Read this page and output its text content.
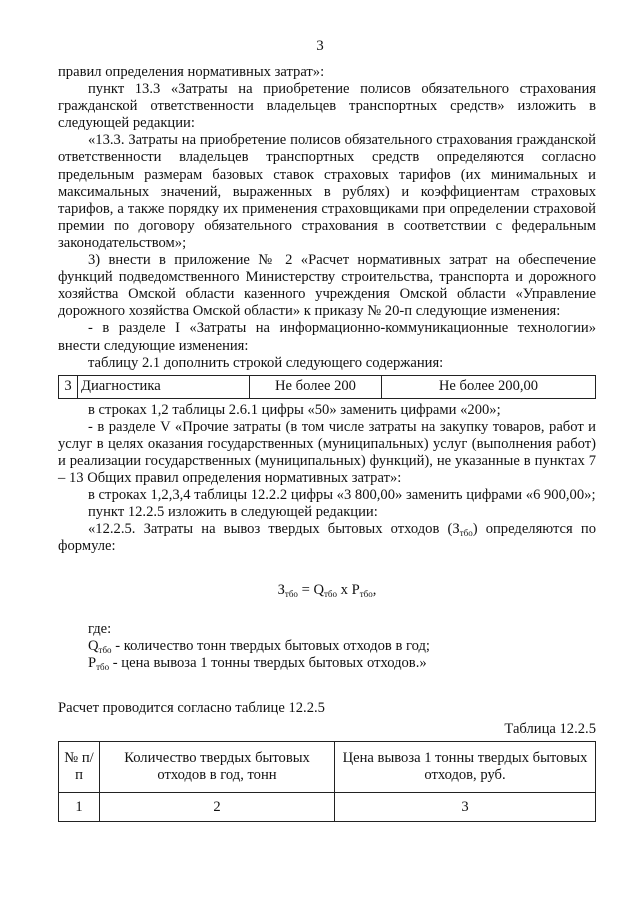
3

правил определения нормативных затрат»:

пункт 13.3 «Затраты на приобретение полисов обязательного страхования гражданской ответственности владельцев транспортных средств» изложить в следующей редакции:

«13.3. Затраты на приобретение полисов обязательного страхования гражданской ответственности владельцев транспортных средств определяются согласно предельным размерам базовых ставок страховых тарифов (их минимальных и максимальных значений, выраженных в рублях) и коэффициентам страховых тарифов, а также порядку их применения страховщиками при определении страховой премии по договору обязательного страхования в соответствии с федеральным законодательством»;

3) внести в приложение № 2 «Расчет нормативных затрат на обеспечение функций подведомственного Министерству строительства, транспорта и дорожного хозяйства Омской области казенного учреждения Омской области «Управление дорожного хозяйства Омской области» к приказу № 20-п следующие изменения:

- в разделе I «Затраты на информационно-коммуникационные технологии» внести следующие изменения:

таблицу 2.1 дополнить строкой следующего содержания:

3	Диагностика	Не более 200	Не более 200,00

в строках 1,2 таблицы 2.6.1 цифры «50» заменить цифрами «200»;

- в разделе V «Прочие затраты (в том числе затраты на закупку товаров, работ и услуг в целях оказания государственных (муниципальных) услуг (выполнения работ) и реализации государственных (муниципальных) функций), не указанные в пунктах 7 – 13 Общих правил определения нормативных затрат»:

в строках 1,2,3,4 таблицы 12.2.2 цифры «3 800,00» заменить цифрами «6 900,00»;

пункт 12.2.5 изложить в следующей редакции:

«12.2.5. Затраты на вывоз твердых бытовых отходов $(З_{тбо})$ определяются по формуле:

$З_{тбо} = Q_{тбо}$ x $P_{тбо}$,

где:

$Q_{тбо}$ - количество тонн твердых бытовых отходов в год;

$P_{тбо}$ - цена вывоза 1 тонны твердых бытовых отходов.»

Расчет проводится согласно таблице 12.2.5

Таблица 12.2.5
№ п/п	Количество твердых бытовых отходов в год, тонн	Цена вывоза 1 тонны твердых бытовых отходов, руб.
1	2	3
